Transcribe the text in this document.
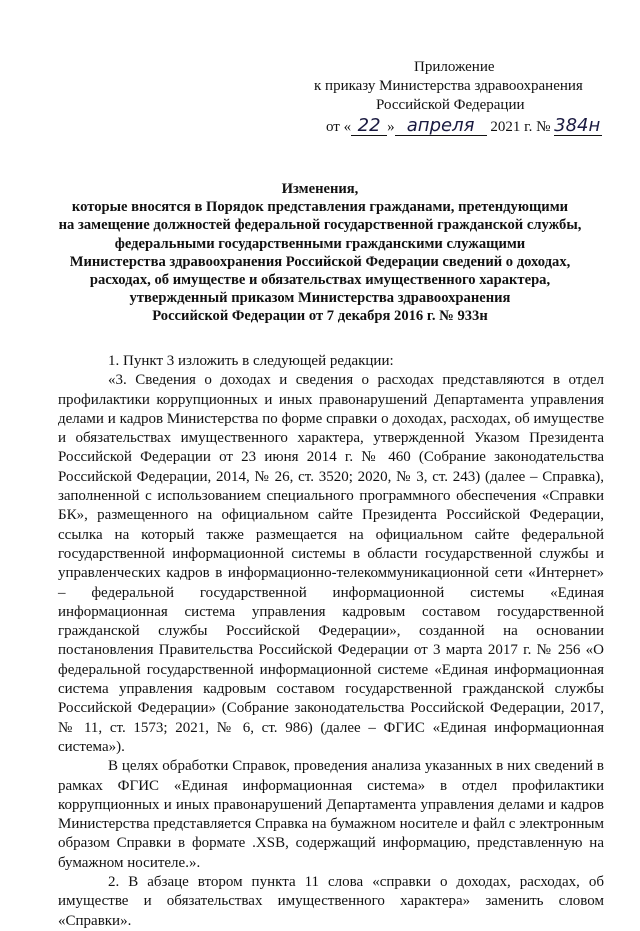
Приложение
к приказу Министерства здравоохранения
Российской Федерации
от « 22 » апреля 2021 г. № 384н
Изменения,
которые вносятся в Порядок представления гражданами, претендующими
на замещение должностей федеральной государственной гражданской службы,
федеральными государственными гражданскими служащими
Министерства здравоохранения Российской Федерации сведений о доходах,
расходах, об имуществе и обязательствах имущественного характера,
утвержденный приказом Министерства здравоохранения
Российской Федерации от 7 декабря 2016 г. № 933н
1. Пункт 3 изложить в следующей редакции:
«3. Сведения о доходах и сведения о расходах представляются в отдел профилактики коррупционных и иных правонарушений Департамента управления делами и кадров Министерства по форме справки о доходах, расходах, об имуществе и обязательствах имущественного характера, утвержденной Указом Президента Российской Федерации от 23 июня 2014 г. № 460 (Собрание законодательства Российской Федерации, 2014, № 26, ст. 3520; 2020, № 3, ст. 243) (далее – Справка), заполненной с использованием специального программного обеспечения «Справки БК», размещенного на официальном сайте Президента Российской Федерации, ссылка на который также размещается на официальном сайте федеральной государственной информационной системы в области государственной службы и управленческих кадров в информационно-телекоммуникационной сети «Интернет» – федеральной государственной информационной системы «Единая информационная система управления кадровым составом государственной гражданской службы Российской Федерации», созданной на основании постановления Правительства Российской Федерации от 3 марта 2017 г. № 256 «О федеральной государственной информационной системе «Единая информационная система управления кадровым составом государственной гражданской службы Российской Федерации» (Собрание законодательства Российской Федерации, 2017, № 11, ст. 1573; 2021, № 6, ст. 986) (далее – ФГИС «Единая информационная система»).
В целях обработки Справок, проведения анализа указанных в них сведений в рамках ФГИС «Единая информационная система» в отдел профилактики коррупционных и иных правонарушений Департамента управления делами и кадров Министерства представляется Справка на бумажном носителе и файл с электронным образом Справки в формате .XSB, содержащий информацию, представленную на бумажном носителе.».
2. В абзаце втором пункта 11 слова «справки о доходах, расходах, об имуществе и обязательствах имущественного характера» заменить словом «Справки».
